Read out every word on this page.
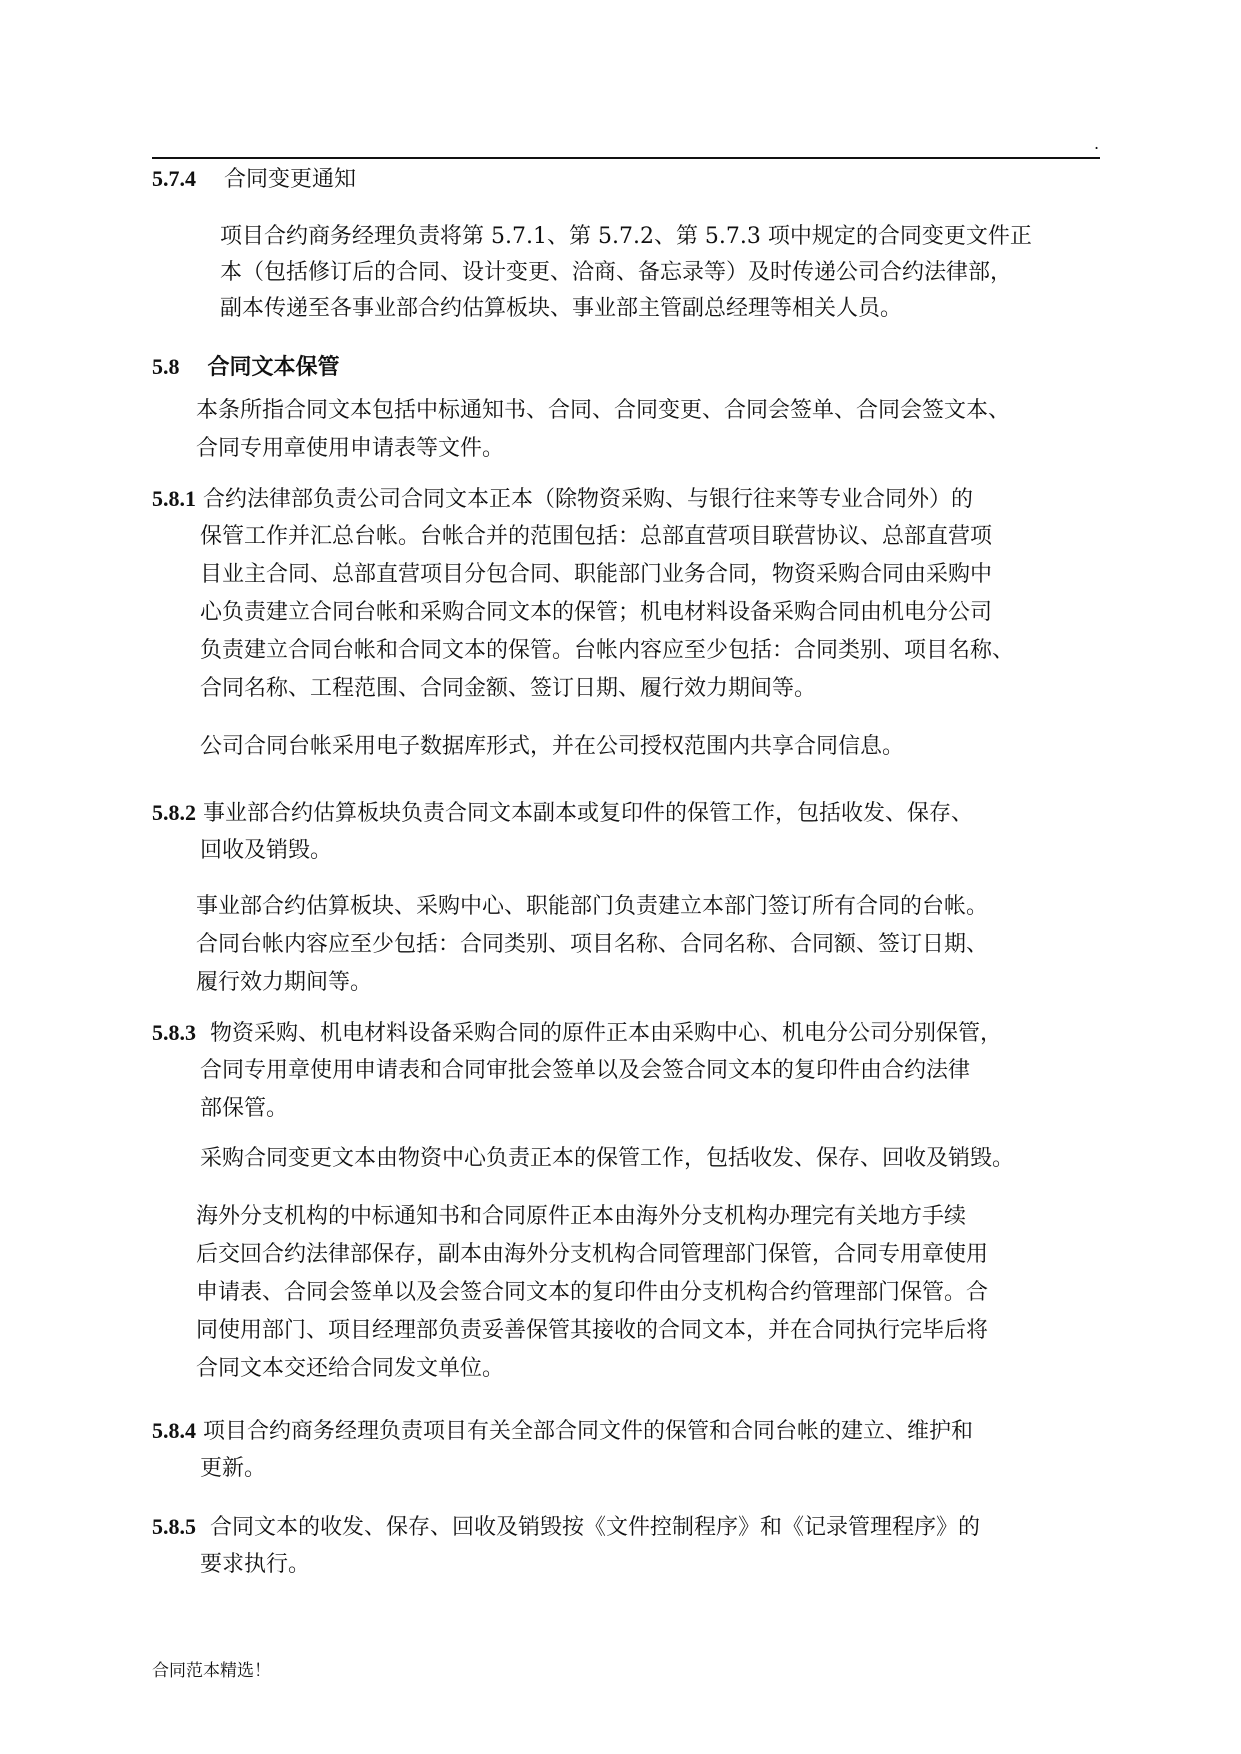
.
5.7.4 合同变更通知
项目合约商务经理负责将第 5.7.1、第 5.7.2、第 5.7.3 项中规定的合同变更文件正
本（包括修订后的合同、设计变更、洽商、备忘录等）及时传递公司合约法律部，
副本传递至各事业部合约估算板块、事业部主管副总经理等相关人员。
5.8 合同文本保管
本条所指合同文本包括中标通知书、合同、合同变更、合同会签单、合同会签文本、
合同专用章使用申请表等文件。
5.8.1 合约法律部负责公司合同文本正本（除物资采购、与银行往来等专业合同外）的
保管工作并汇总台帐。台帐合并的范围包括：总部直营项目联营协议、总部直营项
目业主合同、总部直营项目分包合同、职能部门业务合同，物资采购合同由采购中
心负责建立合同台帐和采购合同文本的保管；机电材料设备采购合同由机电分公司
负责建立合同台帐和合同文本的保管。台帐内容应至少包括：合同类别、项目名称、
合同名称、工程范围、合同金额、签订日期、履行效力期间等。
公司合同台帐采用电子数据库形式，并在公司授权范围内共享合同信息。
5.8.2 事业部合约估算板块负责合同文本副本或复印件的保管工作，包括收发、保存、
回收及销毁。
事业部合约估算板块、采购中心、职能部门负责建立本部门签订所有合同的台帐。
合同台帐内容应至少包括：合同类别、项目名称、合同名称、合同额、签订日期、
履行效力期间等。
5.8.3 物资采购、机电材料设备采购合同的原件正本由采购中心、机电分公司分别保管，
合同专用章使用申请表和合同审批会签单以及会签合同文本的复印件由合约法律
部保管。
采购合同变更文本由物资中心负责正本的保管工作，包括收发、保存、回收及销毁。
海外分支机构的中标通知书和合同原件正本由海外分支机构办理完有关地方手续
后交回合约法律部保存，副本由海外分支机构合同管理部门保管，合同专用章使用
申请表、合同会签单以及会签合同文本的复印件由分支机构合约管理部门保管。合
同使用部门、项目经理部负责妥善保管其接收的合同文本，并在合同执行完毕后将
合同文本交还给合同发文单位。
5.8.4 项目合约商务经理负责项目有关全部合同文件的保管和合同台帐的建立、维护和
更新。
5.8.5 合同文本的收发、保存、回收及销毁按《文件控制程序》和《记录管理程序》的
要求执行。
合同范本精选！
